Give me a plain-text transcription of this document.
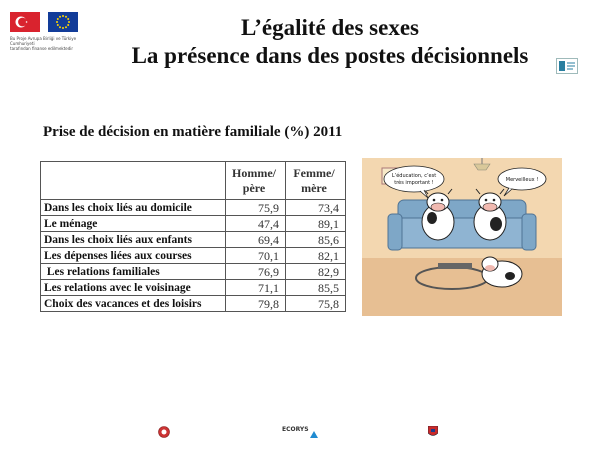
Bu Proje Avrupa Birliği ve Türkiye Cumhuriyeti
tarafından finanse edilmektedir
L’égalité des sexes
La présence dans des postes décisionnels
Prise de décision en matière familiale (%) 2011

	Homme/
père	Femme/
mère

Dans les choix liés au domicile	75,9	73,4
Le ménage	47,4	89,1
Dans les choix liés aux enfants	69,4	85,6
Les dépenses liées aux courses	70,1	82,1
Les relations familiales	76,9	82,9
Les relations avec le voisinage	71,1	85,5
Choix des vacances et des loisirs	79,8	75,8
L’éducation, c’est
très important !	Merveilleux !
ECORYS
